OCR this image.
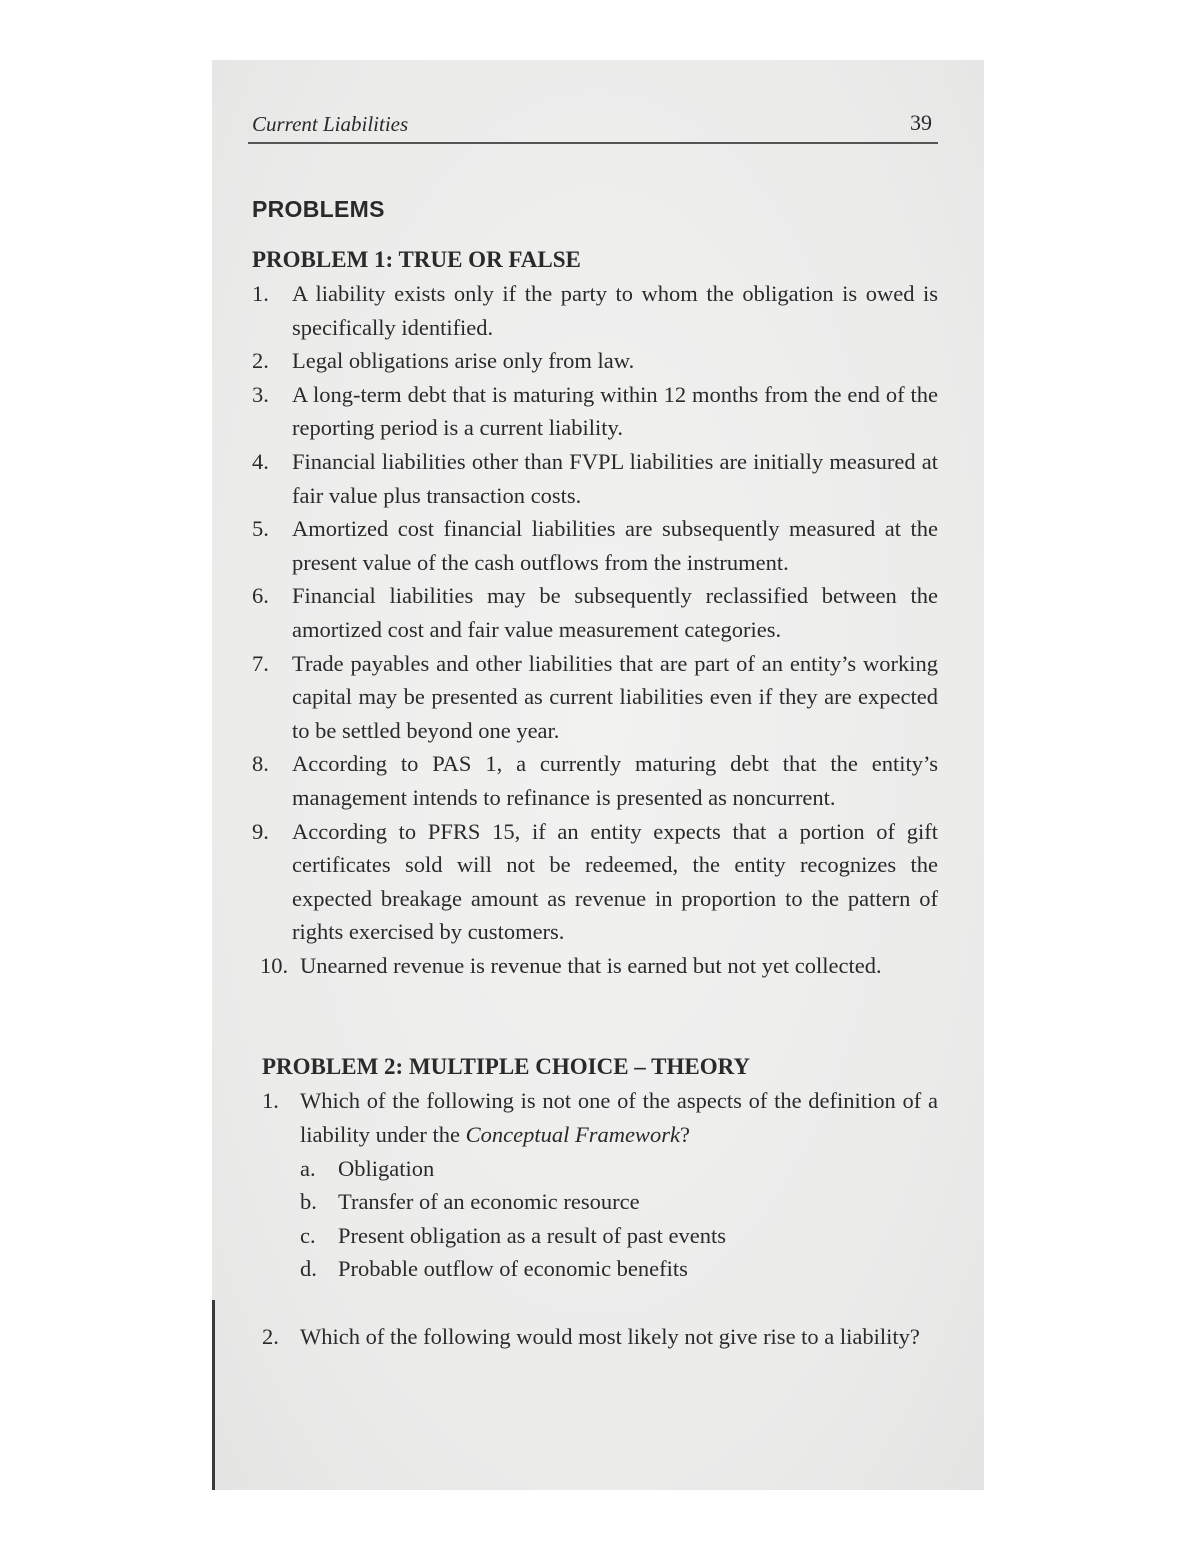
Current Liabilities	39
PROBLEMS
PROBLEM 1: TRUE OR FALSE
1. A liability exists only if the party to whom the obligation is owed is specifically identified.
2. Legal obligations arise only from law.
3. A long-term debt that is maturing within 12 months from the end of the reporting period is a current liability.
4. Financial liabilities other than FVPL liabilities are initially measured at fair value plus transaction costs.
5. Amortized cost financial liabilities are subsequently measured at the present value of the cash outflows from the instrument.
6. Financial liabilities may be subsequently reclassified between the amortized cost and fair value measurement categories.
7. Trade payables and other liabilities that are part of an entity’s working capital may be presented as current liabilities even if they are expected to be settled beyond one year.
8. According to PAS 1, a currently maturing debt that the entity’s management intends to refinance is presented as noncurrent.
9. According to PFRS 15, if an entity expects that a portion of gift certificates sold will not be redeemed, the entity recognizes the expected breakage amount as revenue in proportion to the pattern of rights exercised by customers.
10. Unearned revenue is revenue that is earned but not yet collected.
PROBLEM 2: MULTIPLE CHOICE – THEORY
1. Which of the following is not one of the aspects of the definition of a liability under the Conceptual Framework?
a. Obligation
b. Transfer of an economic resource
c. Present obligation as a result of past events
d. Probable outflow of economic benefits
2. Which of the following would most likely not give rise to a liability?
